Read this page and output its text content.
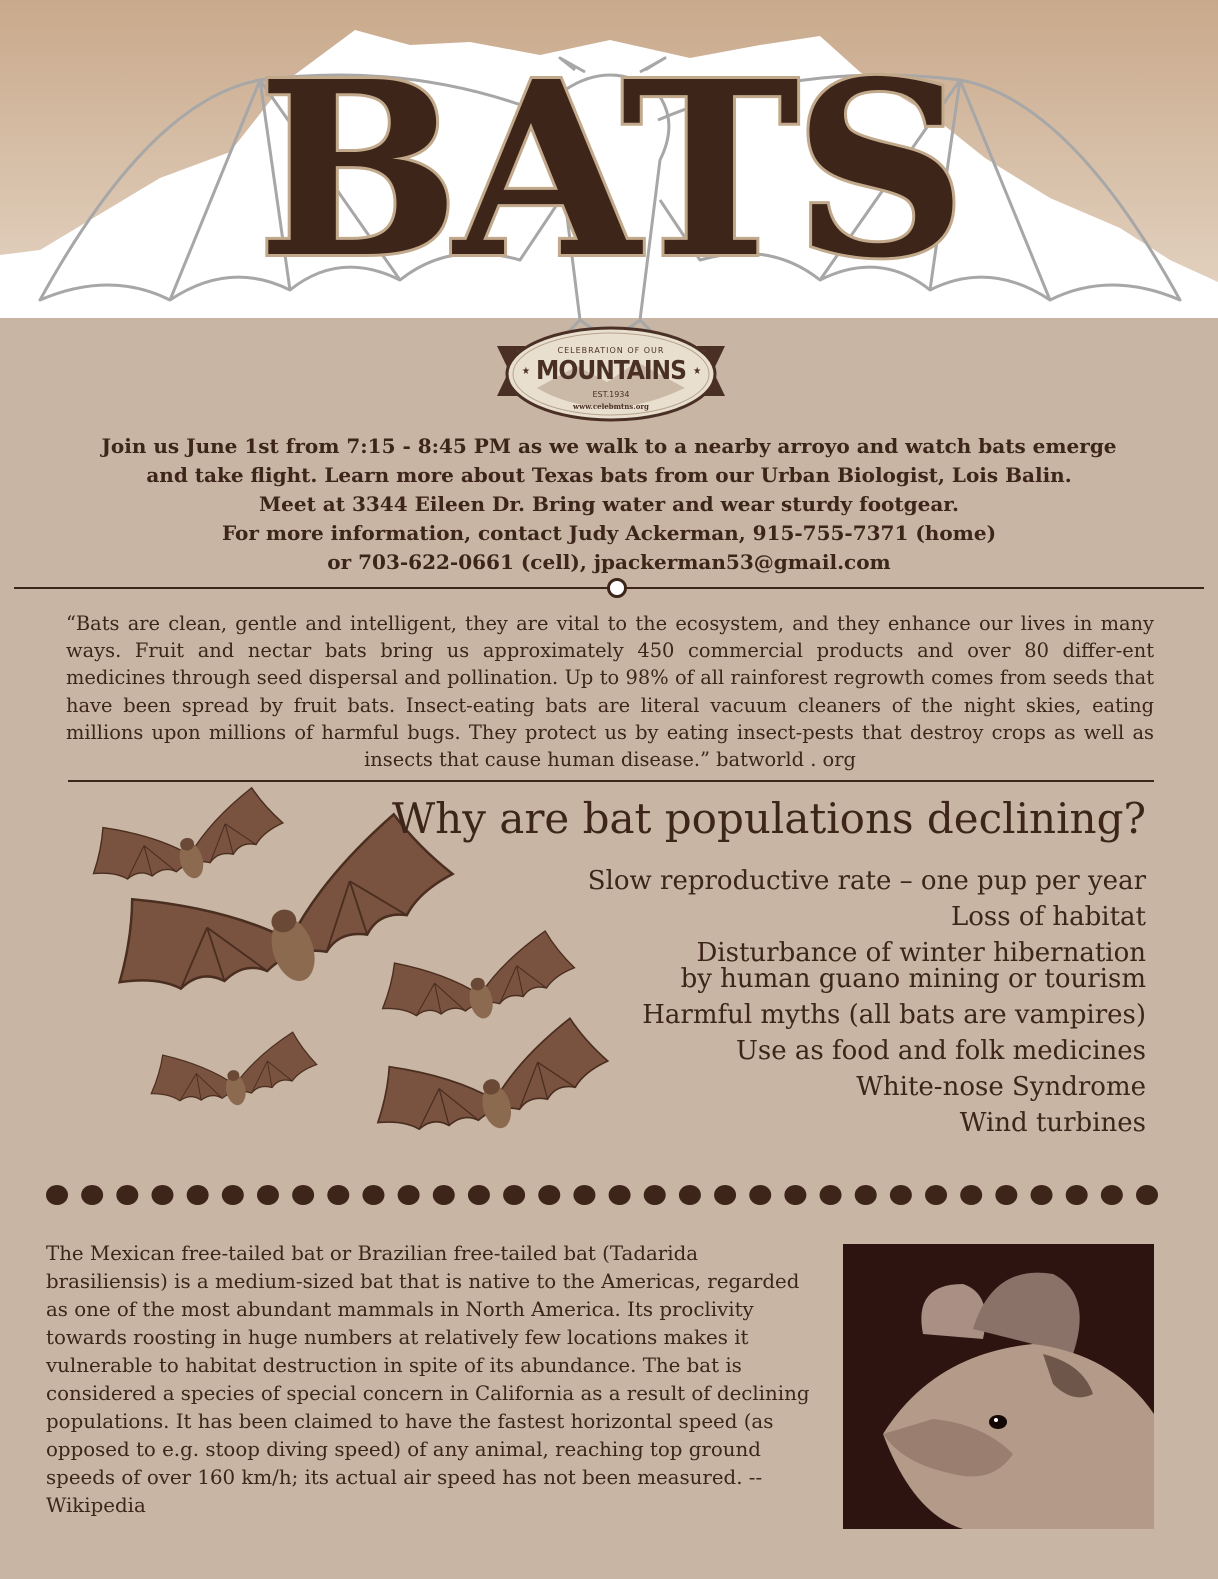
BATS
CELEBRATION OF OUR
★ MOUNTAINS ★
EST.1934
www.celebmtns.org
Join us June 1st from 7:15 - 8:45 PM as we walk to a nearby arroyo and watch bats emerge
and take flight. Learn more about Texas bats from our Urban Biologist, Lois Balin.
Meet at 3344 Eileen Dr. Bring water and wear sturdy footgear.
For more information, contact Judy Ackerman, 915-755-7371 (home)
or 703-622-0661 (cell), jpackerman53@gmail.com
“Bats are clean, gentle and intelligent, they are vital to the ecosystem, and they enhance our lives in many ways. Fruit and nectar bats bring us approximately 450 commercial products and over 80 differ-ent medicines through seed dispersal and pollination. Up to 98% of all rainforest regrowth comes from seeds that have been spread by fruit bats. Insect-eating bats are literal vacuum cleaners of the night skies, eating millions upon millions of harmful bugs. They protect us by eating insect-pests that destroy crops as well as insects that cause human disease.” batworld . org
Why are bat populations declining?
Slow reproductive rate – one pup per year
Loss of habitat
Disturbance of winter hibernation
by human guano mining or tourism
Harmful myths (all bats are vampires)
Use as food and folk medicines
White-nose Syndrome
Wind turbines
The Mexican free-tailed bat or Brazilian free-tailed bat (Tadarida brasiliensis) is a medium-sized bat that is native to the Americas, regarded as one of the most abundant mammals in North America. Its proclivity towards roosting in huge numbers at relatively few locations makes it vulnerable to habitat destruction in spite of its abundance. The bat is considered a species of special concern in California as a result of declining populations. It has been claimed to have the fastest horizontal speed (as opposed to e.g. stoop diving speed) of any animal, reaching top ground speeds of over 160 km/h; its actual air speed has not been measured. -- Wikipedia
